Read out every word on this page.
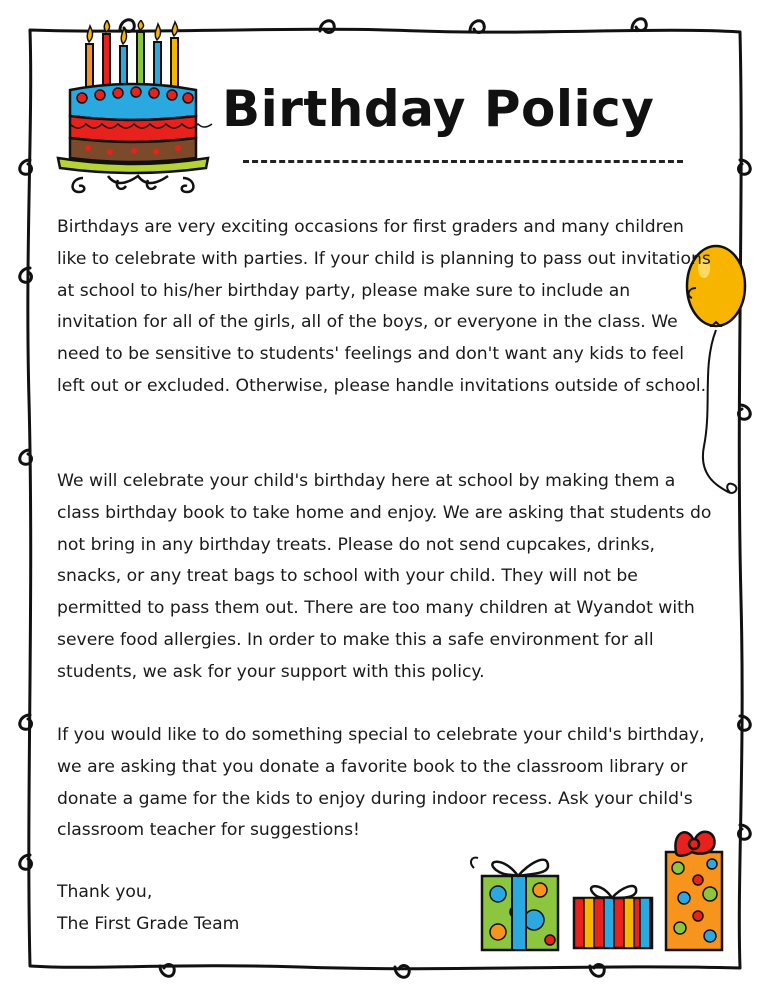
Birthday Policy

Birthdays are very exciting occasions for first graders and many children like to celebrate with parties. If your child is planning to pass out invitations at school to his/her birthday party, please make sure to include an invitation for all of the girls, all of the boys, or everyone in the class. We need to be sensitive to students' feelings and don't want any kids to feel left out or excluded. Otherwise, please handle invitations outside of school.

We will celebrate your child's birthday here at school by making them a class birthday book to take home and enjoy. We are asking that students do not bring in any birthday treats. Please do not send cupcakes, drinks, snacks, or any treat bags to school with your child. They will not be permitted to pass them out. There are too many children at Wyandot with severe food allergies. In order to make this a safe environment for all students, we ask for your support with this policy.

If you would like to do something special to celebrate your child's birthday, we are asking that you donate a favorite book to the classroom library or donate a game for the kids to enjoy during indoor recess. Ask your child's classroom teacher for suggestions!

Thank you,
The First Grade Team
